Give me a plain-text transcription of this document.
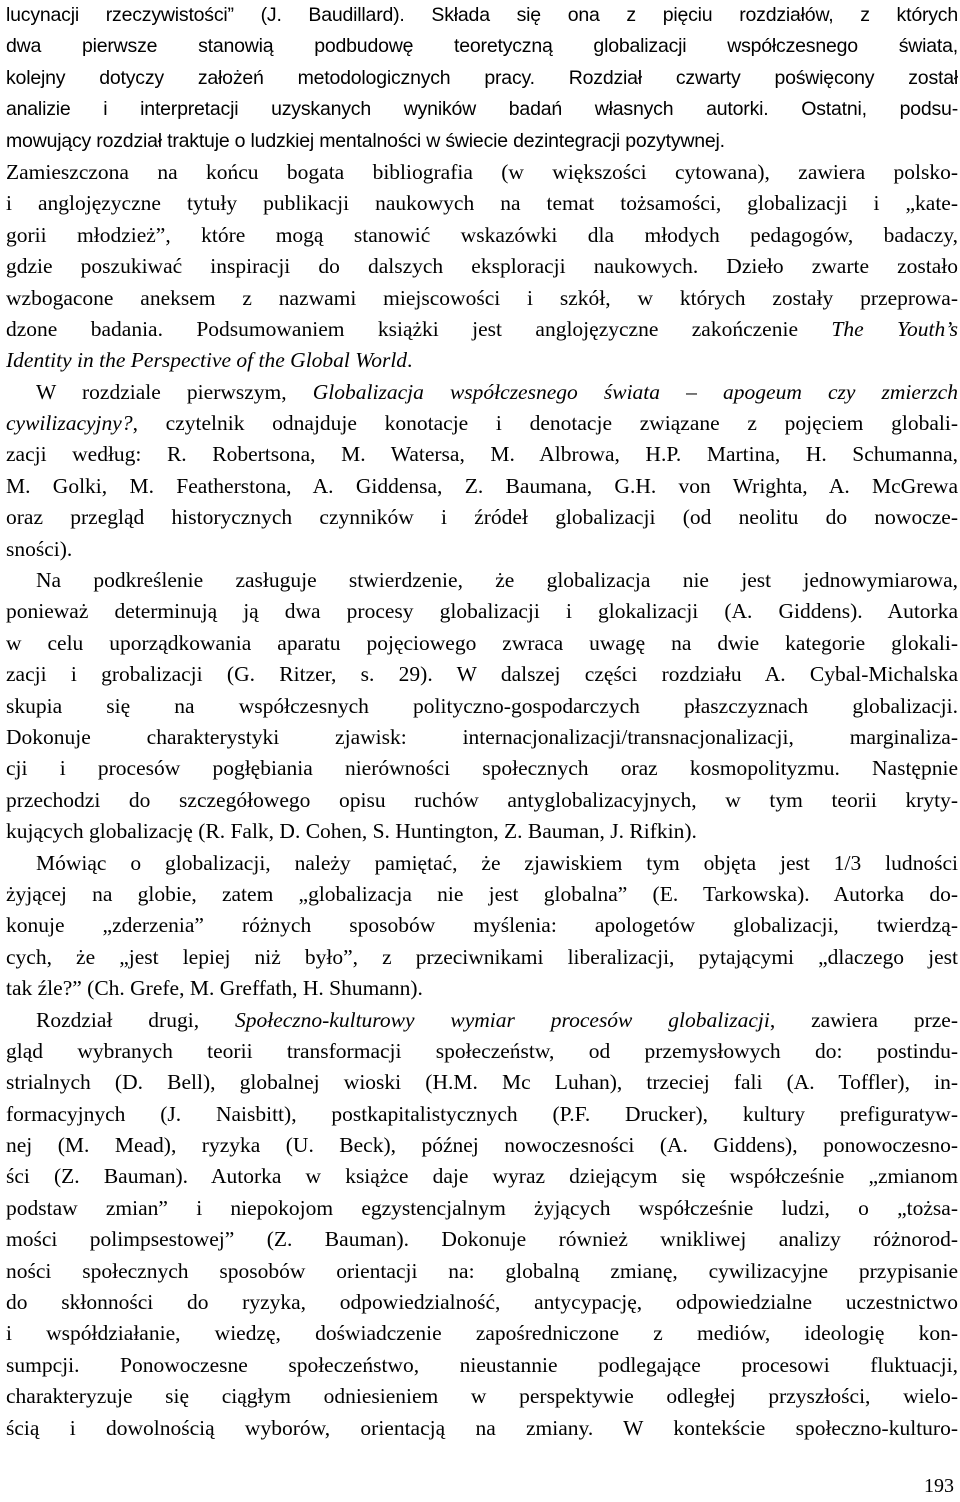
lucynacji rzeczywistości” (J. Baudillard). Składa się ona z pięciu rozdziałów, z których
dwa pierwsze stanowią podbudowę teoretyczną globalizacji współczesnego świata,
kolejny dotyczy założeń metodologicznych pracy. Rozdział czwarty poświęcony został
analizie i interpretacji uzyskanych wyników badań własnych autorki. Ostatni, podsu-
mowujący rozdział traktuje o ludzkiej mentalności w świecie dezintegracji pozytywnej.
Zamieszczona na końcu bogata bibliografia (w większości cytowana), zawiera polsko-
i anglojęzyczne tytuły publikacji naukowych na temat tożsamości, globalizacji i „kate-
gorii młodzież”, które mogą stanowić wskazówki dla młodych pedagogów, badaczy,
gdzie poszukiwać inspiracji do dalszych eksploracji naukowych. Dzieło zwarte zostało
wzbogacone aneksem z nazwami miejscowości i szkół, w których zostały przeprowa-
dzone badania. Podsumowaniem książki jest anglojęzyczne zakończenie The Youth’s
Identity in the Perspective of the Global World.
W rozdziale pierwszym, Globalizacja współczesnego świata – apogeum czy zmierzch
cywilizacyjny?, czytelnik odnajduje konotacje i denotacje związane z pojęciem globali-
zacji według: R. Robertsona, M. Watersa, M. Albrowa, H.P. Martina, H. Schumanna,
M. Golki, M. Featherstona, A. Giddensa, Z. Baumana, G.H. von Wrighta, A. McGrewa
oraz przegląd historycznych czynników i źródeł globalizacji (od neolitu do nowocze-
sności).
Na podkreślenie zasługuje stwierdzenie, że globalizacja nie jest jednowymiarowa,
ponieważ determinują ją dwa procesy globalizacji i glokalizacji (A. Giddens). Autorka
w celu uporządkowania aparatu pojęciowego zwraca uwagę na dwie kategorie glokali-
zacji i grobalizacji (G. Ritzer, s. 29). W dalszej części rozdziału A. Cybal-Michalska
skupia się na współczesnych polityczno-gospodarczych płaszczyznach globalizacji.
Dokonuje charakterystyki zjawisk: internacjonalizacji/transnacjonalizacji, marginaliza-
cji i procesów pogłębiania nierówności społecznych oraz kosmopolityzmu. Następnie
przechodzi do szczegółowego opisu ruchów antyglobalizacyjnych, w tym teorii kryty-
kujących globalizację (R. Falk, D. Cohen, S. Huntington, Z. Bauman, J. Rifkin).
Mówiąc o globalizacji, należy pamiętać, że zjawiskiem tym objęta jest 1/3 ludności
żyjącej na globie, zatem „globalizacja nie jest globalna” (E. Tarkowska). Autorka do-
konuje „zderzenia” różnych sposobów myślenia: apologetów globalizacji, twierdzą-
cych, że „jest lepiej niż było”, z przeciwnikami liberalizacji, pytającymi „dlaczego jest
tak źle?” (Ch. Grefe, M. Greffath, H. Shumann).
Rozdział drugi, Społeczno-kulturowy wymiar procesów globalizacji, zawiera prze-
gląd wybranych teorii transformacji społeczeństw, od przemysłowych do: postindu-
strialnych (D. Bell), globalnej wioski (H.M. Mc Luhan), trzeciej fali (A. Toffler), in-
formacyjnych (J. Naisbitt), postkapitalistycznych (P.F. Drucker), kultury prefiguratyw-
nej (M. Mead), ryzyka (U. Beck), późnej nowoczesności (A. Giddens), ponowoczesno-
ści (Z. Bauman). Autorka w książce daje wyraz dziejącym się współcześnie „zmianom
podstaw zmian” i niepokojom egzystencjalnym żyjących współcześnie ludzi, o „tożsa-
mości polimpsestowej” (Z. Bauman). Dokonuje również wnikliwej analizy różnorod-
ności społecznych sposobów orientacji na: globalną zmianę, cywilizacyjne przypisanie
do skłonności do ryzyka, odpowiedzialność, antycypację, odpowiedzialne uczestnictwo
i współdziałanie, wiedzę, doświadczenie zapośredniczone z mediów, ideologię kon-
sumpcji. Ponowoczesne społeczeństwo, nieustannie podlegające procesowi fluktuacji,
charakteryzuje się ciągłym odniesieniem w perspektywie odległej przyszłości, wielo-
ścią i dowolnością wyborów, orientacją na zmiany. W kontekście społeczno-kulturo-
193
